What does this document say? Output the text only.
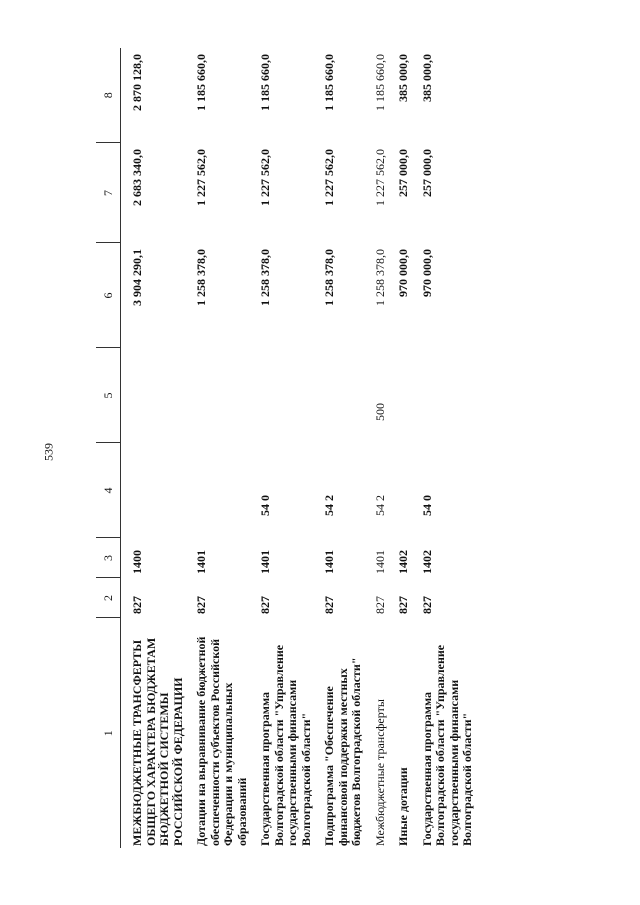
539
1	2	3	4	5	6	7	8
МЕЖБЮДЖЕТНЫЕ ТРАНСФЕРТЫ ОБЩЕГО ХАРАКТЕРА БЮДЖЕТАМ БЮДЖЕТНОЙ СИСТЕМЫ РОССИЙСКОЙ ФЕДЕРАЦИИ	827	1400			3 904 290,1	2 683 340,0	2 870 128,0
Дотации на выравнивание бюджетной обеспеченности субъектов Российской Федерации и муниципальных образований	827	1401			1 258 378,0	1 227 562,0	1 185 660,0
Государственная программа Волгоградской области "Управление государственными финансами Волгоградской области"	827	1401	54 0		1 258 378,0	1 227 562,0	1 185 660,0
Подпрограмма "Обеспечение финансовой поддержки местных бюджетов Волгоградской области"	827	1401	54 2		1 258 378,0	1 227 562,0	1 185 660,0
Межбюджетные трансферты	827	1401	54 2	500	1 258 378,0	1 227 562,0	1 185 660,0
Иные дотации	827	1402			970 000,0	257 000,0	385 000,0
Государственная программа Волгоградской области "Управление государственными финансами Волгоградской области"	827	1402	54 0		970 000,0	257 000,0	385 000,0
